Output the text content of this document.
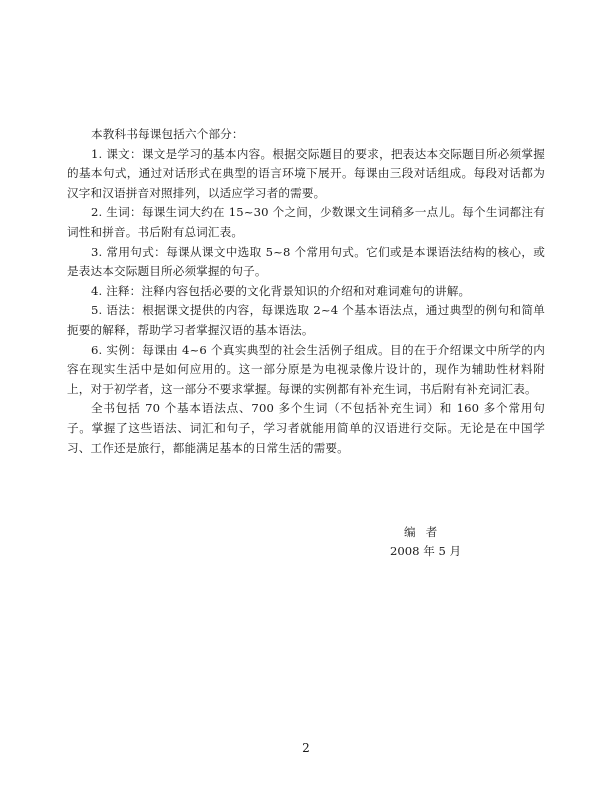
本教科书每课包括六个部分：

1. 课文：课文是学习的基本内容。根据交际题目的要求，把表达本交际题目所必须掌握的基本句式，通过对话形式在典型的语言环境下展开。每课由三段对话组成。每段对话都为汉字和汉语拼音对照排列，以适应学习者的需要。

2. 生词：每课生词大约在 15~30 个之间，少数课文生词稍多一点儿。每个生词都注有词性和拼音。书后附有总词汇表。

3. 常用句式：每课从课文中选取 5~8 个常用句式。它们或是本课语法结构的核心，或是表达本交际题目所必须掌握的句子。

4. 注释：注释内容包括必要的文化背景知识的介绍和对难词难句的讲解。

5. 语法：根据课文提供的内容，每课选取 2~4 个基本语法点，通过典型的例句和简单扼要的解释，帮助学习者掌握汉语的基本语法。

6. 实例：每课由 4~6 个真实典型的社会生活例子组成。目的在于介绍课文中所学的内容在现实生活中是如何应用的。这一部分原是为电视录像片设计的，现作为辅助性材料附上，对于初学者，这一部分不要求掌握。每课的实例都有补充生词，书后附有补充词汇表。

全书包括 70 个基本语法点、700 多个生词（不包括补充生词）和 160 多个常用句子。掌握了这些语法、词汇和句子，学习者就能用简单的汉语进行交际。无论是在中国学习、工作还是旅行，都能满足基本的日常生活的需要。

编者
2008 年 5 月
2
